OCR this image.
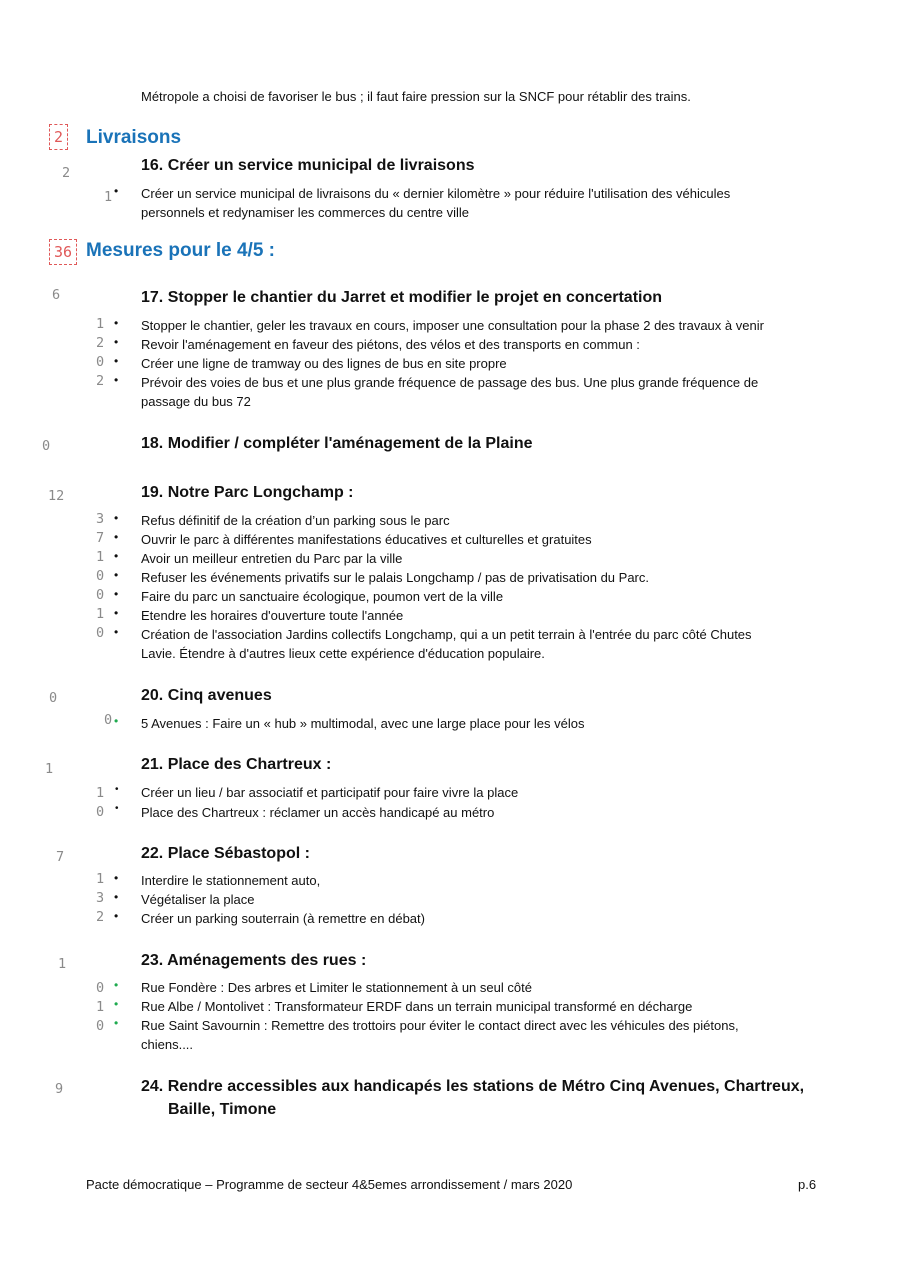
Métropole a choisi de favoriser le bus ; il faut faire pression sur la SNCF pour rétablir des trains.
2 Livraisons
2	16. Créer un service municipal de livraisons
1 • Créer un service municipal de livraisons du « dernier kilomètre » pour réduire l'utilisation des véhicules
personnels et redynamiser les commerces du centre ville
36 Mesures pour le 4/5 :
6	17. Stopper le chantier du Jarret et modifier le projet en concertation
1 • Stopper le chantier, geler les travaux en cours, imposer une consultation pour la phase 2 des travaux à venir
2 • Revoir l'aménagement en faveur des piétons, des vélos et des transports en commun :
0 • Créer une ligne de tramway ou des lignes de bus en site propre
2 • Prévoir des voies de bus et une plus grande fréquence de passage des bus. Une plus grande fréquence de
passage du bus 72
0	18. Modifier / compléter l'aménagement de la Plaine
12	19. Notre Parc Longchamp :
3 • Refus définitif de la création d’un parking sous le parc
7 • Ouvrir le parc à différentes manifestations éducatives et culturelles et gratuites
1 • Avoir un meilleur entretien du Parc par la ville
0 • Refuser les événements privatifs sur le palais Longchamp / pas de privatisation du Parc.
0 • Faire du parc un sanctuaire écologique, poumon vert de la ville
1 • Etendre les horaires d'ouverture toute l'année
0 • Création de l'association Jardins collectifs Longchamp, qui a un petit terrain à l'entrée du parc côté Chutes
Lavie. Étendre à d'autres lieux cette expérience d'éducation populaire.
0	20. Cinq avenues
0 • 5 Avenues : Faire un « hub » multimodal, avec une large place pour les vélos
1	21. Place des Chartreux :
1 • Créer un lieu / bar associatif et participatif pour faire vivre la place
0 • Place des Chartreux : réclamer un accès handicapé au métro
7	22. Place Sébastopol :
1 • Interdire le stationnement auto,
3 • Végétaliser la place
2 • Créer un parking souterrain (à remettre en débat)
1	23. Aménagements des rues :
0 • Rue Fondère : Des arbres et Limiter le stationnement à un seul côté
1 • Rue Albe / Montolivet : Transformateur ERDF dans un terrain municipal transformé en décharge
0 • Rue Saint Savournin : Remettre des trottoirs pour éviter le contact direct avec les véhicules des piétons,
chiens....
9	24. Rendre accessibles aux handicapés les stations de Métro Cinq Avenues, Chartreux,
Baille, Timone
Pacte démocratique – Programme de secteur 4&5emes arrondissement / mars 2020	p.6
